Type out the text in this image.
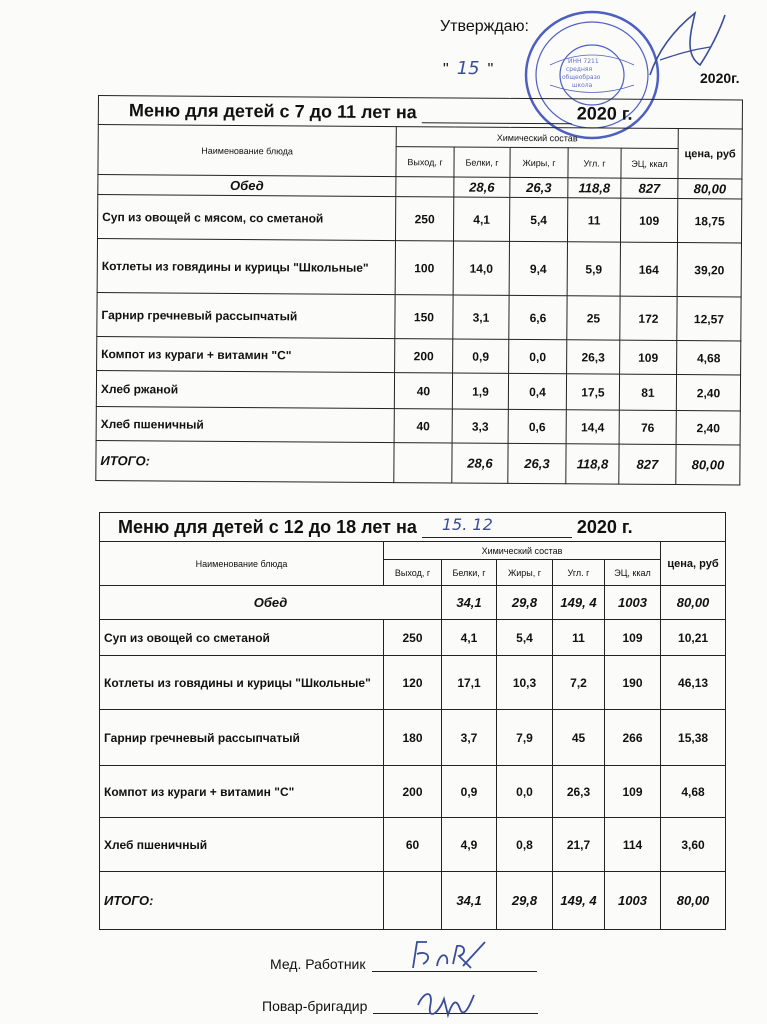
Утверждаю:
" 15 "	2020г.
ИНН 7211
средняя
общеобразо
школа
Меню для детей с 7 до 11 лет на 2020 г.						
Наименование блюда	Химический состав					цена, руб
	Выход, г	Белки, г	Жиры, г	Угл. г	ЭЦ, ккал	
Обед		28,6	26,3	118,8	827	80,00
Суп из овощей с мясом, со сметаной	250	4,1	5,4	11	109	18,75
Котлеты из говядины и курицы "Школьные"	100	14,0	9,4	5,9	164	39,20
Гарнир гречневый рассыпчатый	150	3,1	6,6	25	172	12,57
Компот из кураги + витамин "С"	200	0,9	0,0	26,3	109	4,68
Хлеб ржаной	40	1,9	0,4	17,5	81	2,40
Хлеб пшеничный	40	3,3	0,6	14,4	76	2,40
ИТОГО:		28,6	26,3	118,8	827	80,00
Меню для детей с 12 до 18 лет на 15. 12 2020 г.						
Наименование блюда	Химический состав					цена, руб
	Выход, г	Белки, г	Жиры, г	Угл. г	ЭЦ, ккал	
Обед		34,1	29,8	149, 4	1003	80,00
Суп из овощей со сметаной	250	4,1	5,4	11	109	10,21
Котлеты из говядины и курицы "Школьные"	120	17,1	10,3	7,2	190	46,13
Гарнир гречневый рассыпчатый	180	3,7	7,9	45	266	15,38
Компот из кураги + витамин "С"	200	0,9	0,0	26,3	109	4,68
Хлеб пшеничный	60	4,9	0,8	21,7	114	3,60
ИТОГО:		34,1	29,8	149, 4	1003	80,00
Мед. Работник
Повар-бригадир
